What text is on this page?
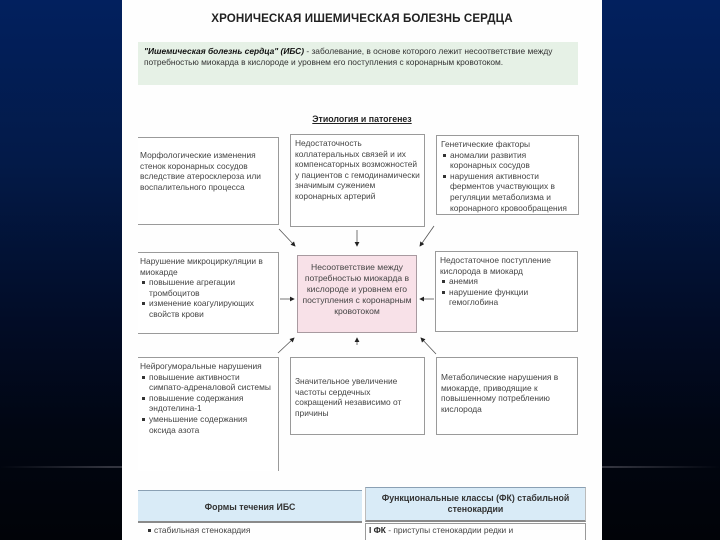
ХРОНИЧЕСКАЯ ИШЕМИЧЕСКАЯ БОЛЕЗНЬ СЕРДЦА
"Ишемическая болезнь сердца" (ИБС) - заболевание, в основе которого лежит несоответствие между потребностью миокарда в кислороде и уровнем его поступления с коронарным кровотоком.
Этиология и патогенез
Морфологические изменения стенок коронарных сосудов вследствие атеросклероза или воспалительного процесса
Недостаточность коллатеральных связей и их компенсаторных возможностей у пациентов с гемодинамически значимым сужением коронарных артерий
Генетические факторы
аномалии развития коронарных сосудов
нарушения активности ферментов участвующих в регуляции метаболизма и коронарного кровообращения
Нарушение микроциркуляции в миокарде
повышение агрегации тромбоцитов
изменение коагулирующих свойств крови
Несоответствие между потребностью миокарда в кислороде и уровнем его поступления с коронарным кровотоком
Недостаточное поступление кислорода в миокард
анемия
нарушение функции гемоглобина
Нейрогуморальные нарушения
повышение активности симпато-адреналовой системы
повышение содержания эндотелина-1
уменьшение содержания оксида азота
Значительное увеличение частоты сердечных сокращений независимо от причины
Метаболические нарушения в миокарде, приводящие к повышенному потреблению кислорода
Формы течения ИБС
стабильная стенокардия
Функциональные классы (ФК) стабильной стенокардии
I ФК - приступы стенокардии редки и
